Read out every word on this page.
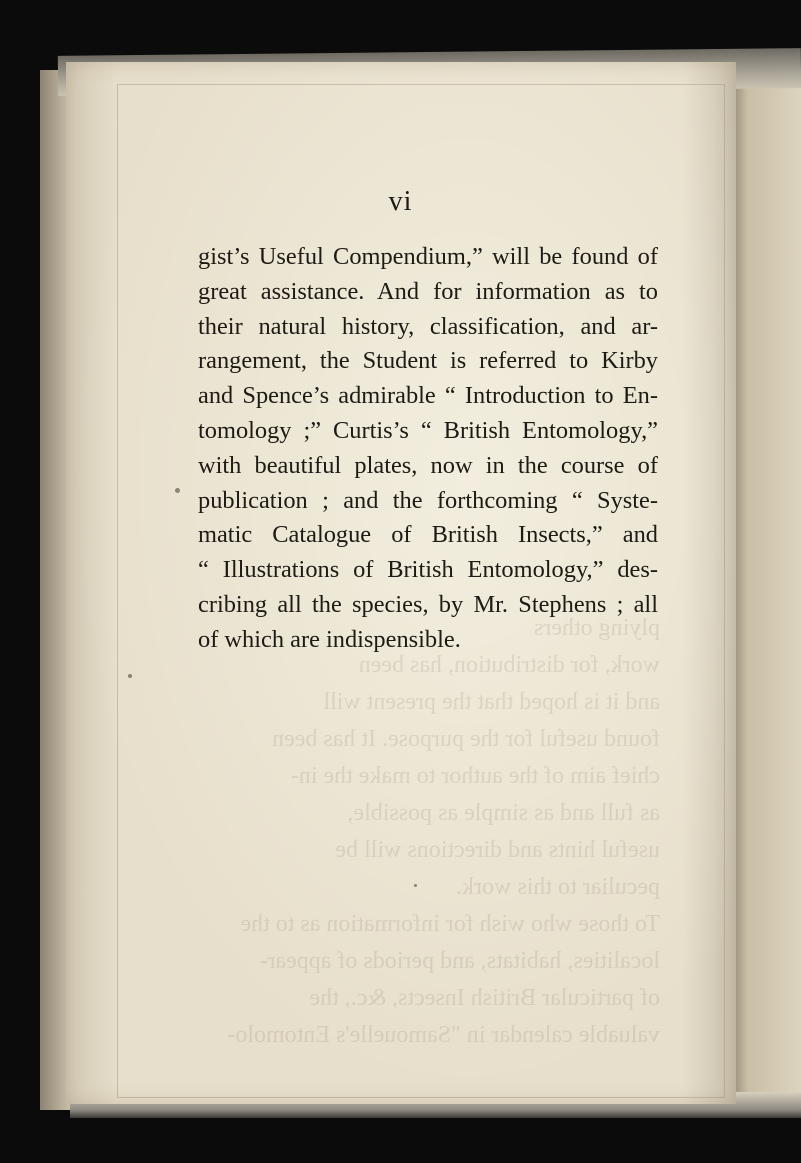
vi
gist’s Useful Compendium,” will be found of
great assistance. And for information as to
their natural history, classification, and ar-
rangement, the Student is referred to Kirby
and Spence’s admirable “ Introduction to En-
tomology ;” Curtis’s “ British Entomology,”
with beautiful plates, now in the course of
publication ; and the forthcoming “ Syste-
matic Catalogue of British Insects,” and
“ Illustrations of British Entomology,” des-
cribing all the species, by Mr. Stephens ; all
of which are indispensible.
